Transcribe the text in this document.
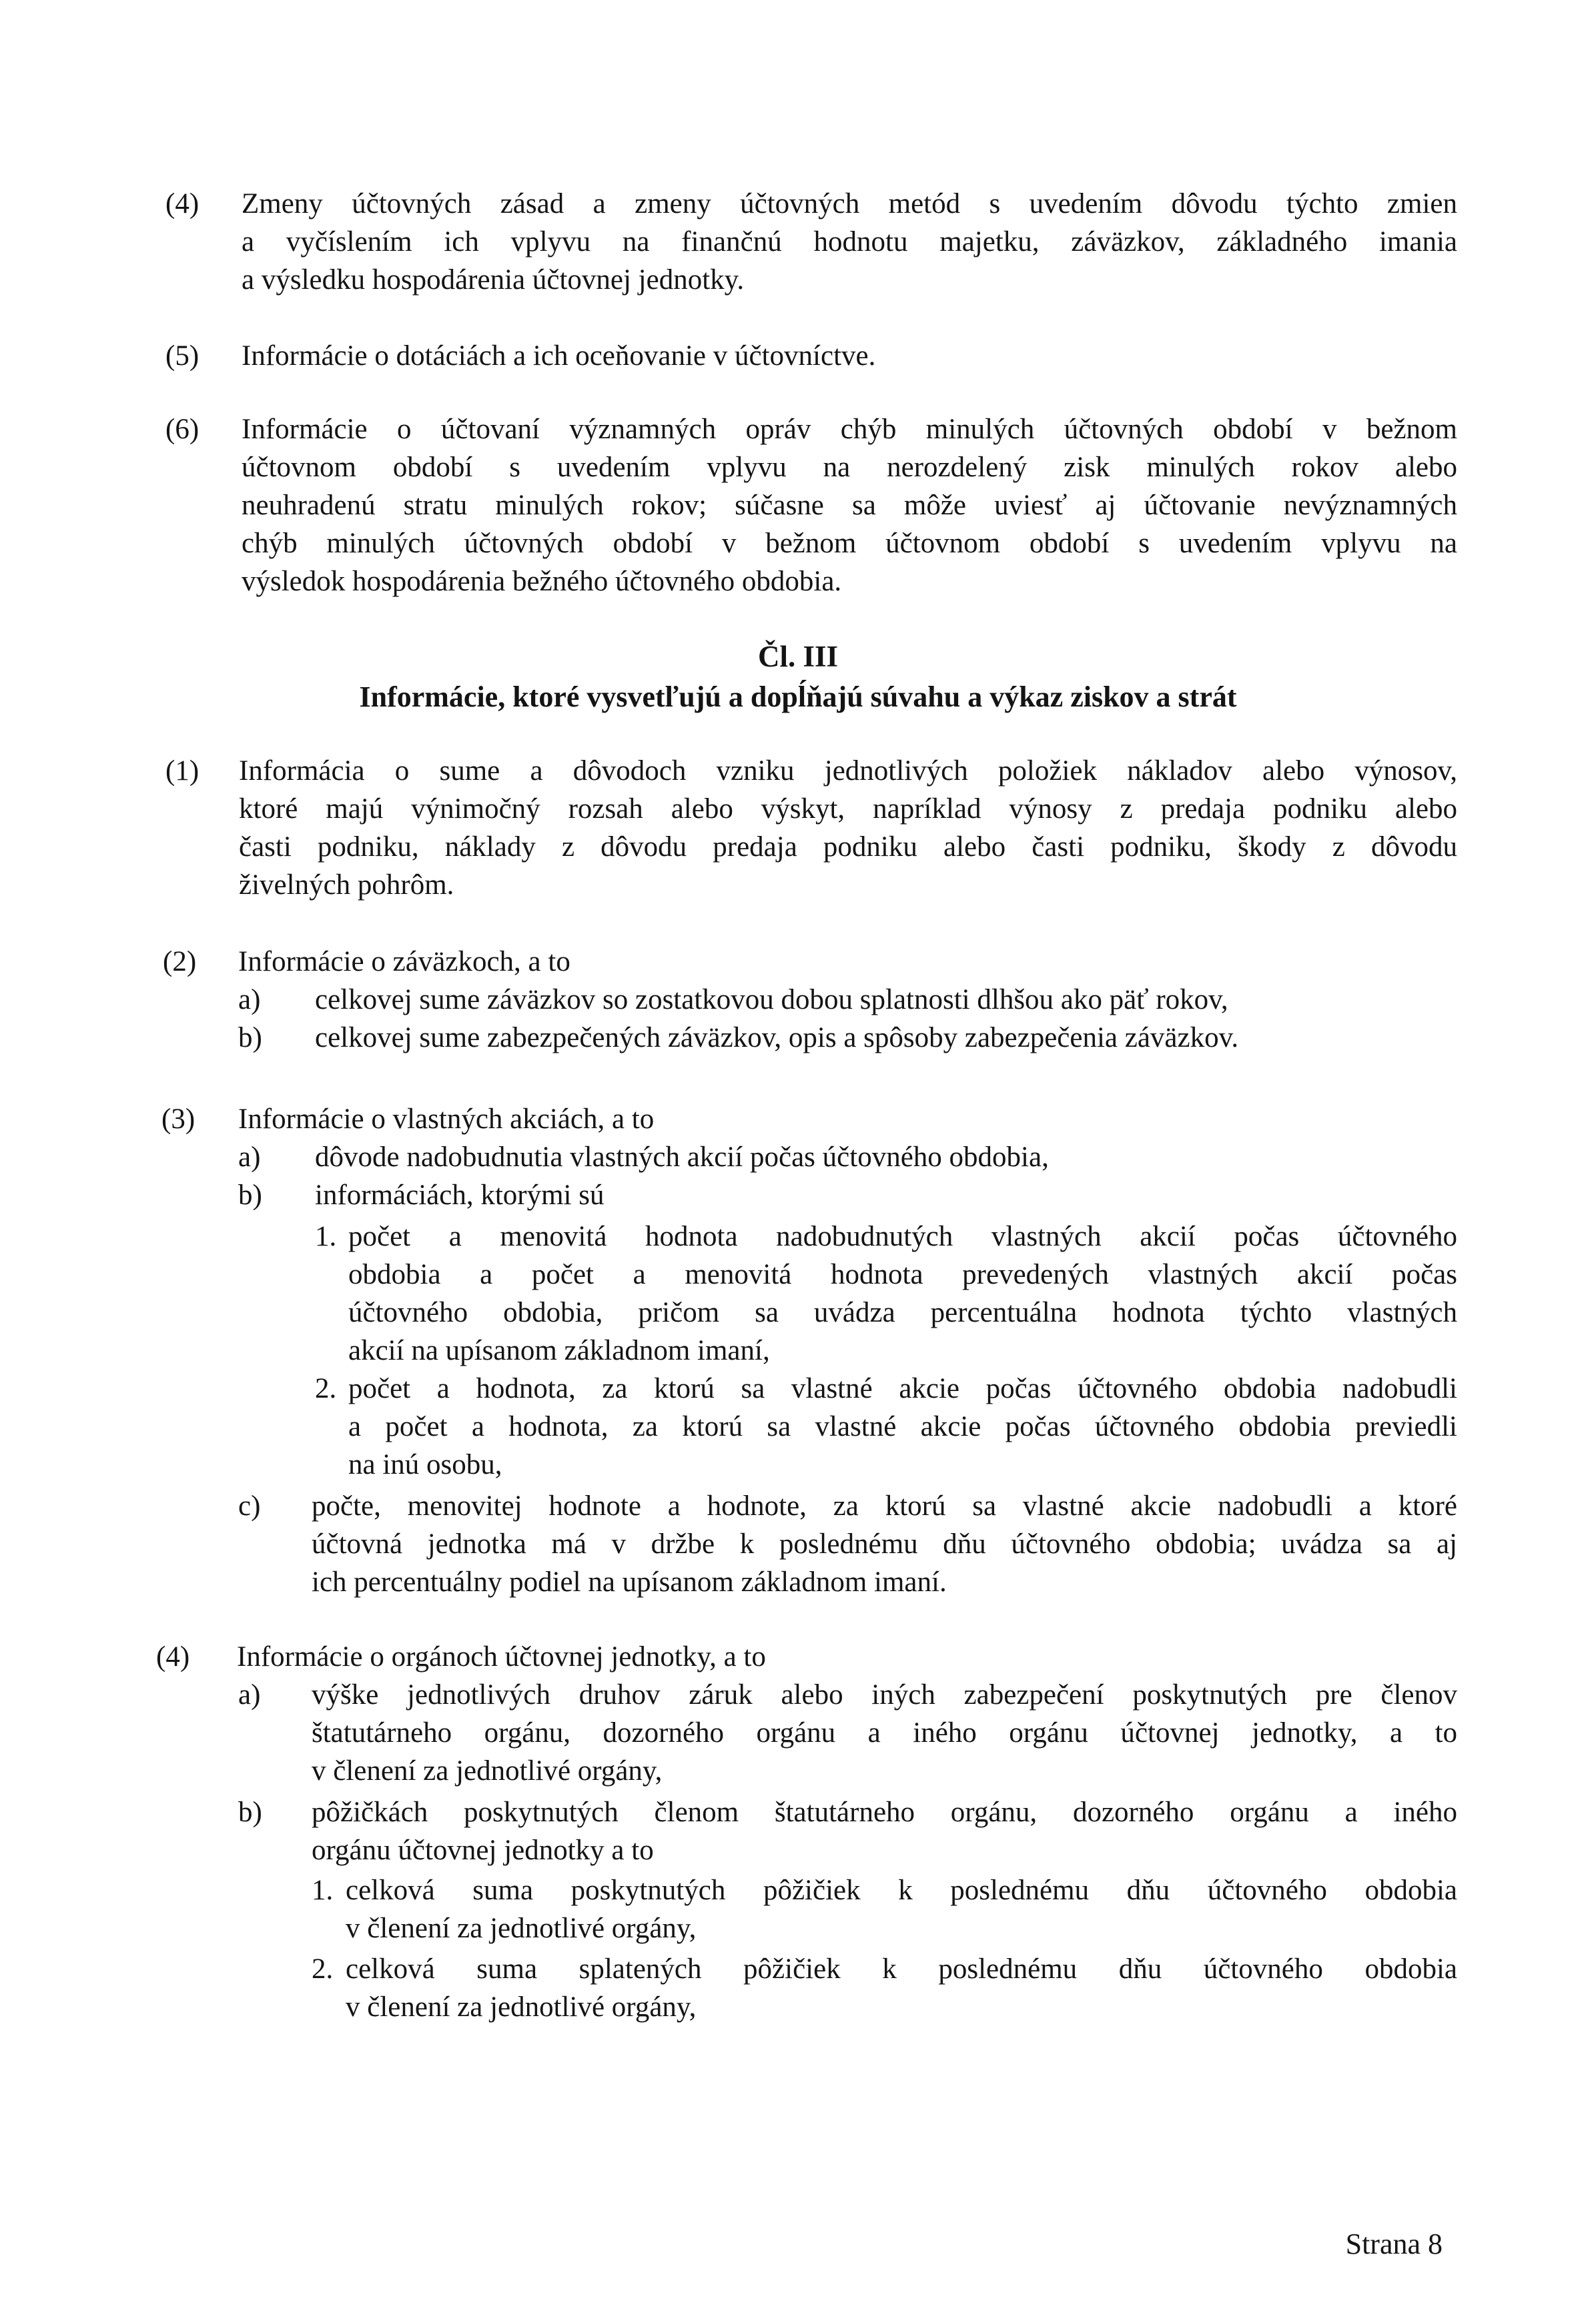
(4) Zmeny účtovných zásad a zmeny účtovných metód s uvedením dôvodu týchto zmien
a vyčíslením ich vplyvu na finančnú hodnotu majetku, záväzkov, základného imania
a výsledku hospodárenia účtovnej jednotky.
(5) Informácie o dotáciách a ich oceňovanie v účtovníctve.
(6) Informácie o účtovaní významných opráv chýb minulých účtovných období v bežnom
účtovnom období s uvedením vplyvu na nerozdelený zisk minulých rokov alebo
neuhradenú stratu minulých rokov; súčasne sa môže uviesť aj účtovanie nevýznamných
chýb minulých účtovných období v bežnom účtovnom období s uvedením vplyvu na
výsledok hospodárenia bežného účtovného obdobia.
Čl. III
Informácie, ktoré vysvetľujú a dopĺňajú súvahu a výkaz ziskov a strát
(1) Informácia o sume a dôvodoch vzniku jednotlivých položiek nákladov alebo výnosov,
ktoré majú výnimočný rozsah alebo výskyt, napríklad výnosy z predaja podniku alebo
časti podniku, náklady z dôvodu predaja podniku alebo časti podniku, škody z dôvodu
živelných pohrôm.
(2) Informácie o záväzkoch, a to
a) celkovej sume záväzkov so zostatkovou dobou splatnosti dlhšou ako päť rokov,
b) celkovej sume zabezpečených záväzkov, opis a spôsoby zabezpečenia záväzkov.
(3) Informácie o vlastných akciách, a to
a) dôvode nadobudnutia vlastných akcií počas účtovného obdobia,
b) informáciách, ktorými sú
1. počet a menovitá hodnota nadobudnutých vlastných akcií počas účtovného
obdobia a počet a menovitá hodnota prevedených vlastných akcií počas
účtovného obdobia, pričom sa uvádza percentuálna hodnota týchto vlastných
akcií na upísanom základnom imaní,
2. počet a hodnota, za ktorú sa vlastné akcie počas účtovného obdobia nadobudli
a počet a hodnota, za ktorú sa vlastné akcie počas účtovného obdobia previedli
na inú osobu,
c) počte, menovitej hodnote a hodnote, za ktorú sa vlastné akcie nadobudli a ktoré
účtovná jednotka má v držbe k poslednému dňu účtovného obdobia; uvádza sa aj
ich percentuálny podiel na upísanom základnom imaní.
(4) Informácie o orgánoch účtovnej jednotky, a to
a) výške jednotlivých druhov záruk alebo iných zabezpečení poskytnutých pre členov
štatutárneho orgánu, dozorného orgánu a iného orgánu účtovnej jednotky, a to
v členení za jednotlivé orgány,
b) pôžičkách poskytnutých členom štatutárneho orgánu, dozorného orgánu a iného
orgánu účtovnej jednotky a to
1. celková suma poskytnutých pôžičiek k poslednému dňu účtovného obdobia
v členení za jednotlivé orgány,
2. celková suma splatených pôžičiek k poslednému dňu účtovného obdobia
v členení za jednotlivé orgány,
Strana 8
